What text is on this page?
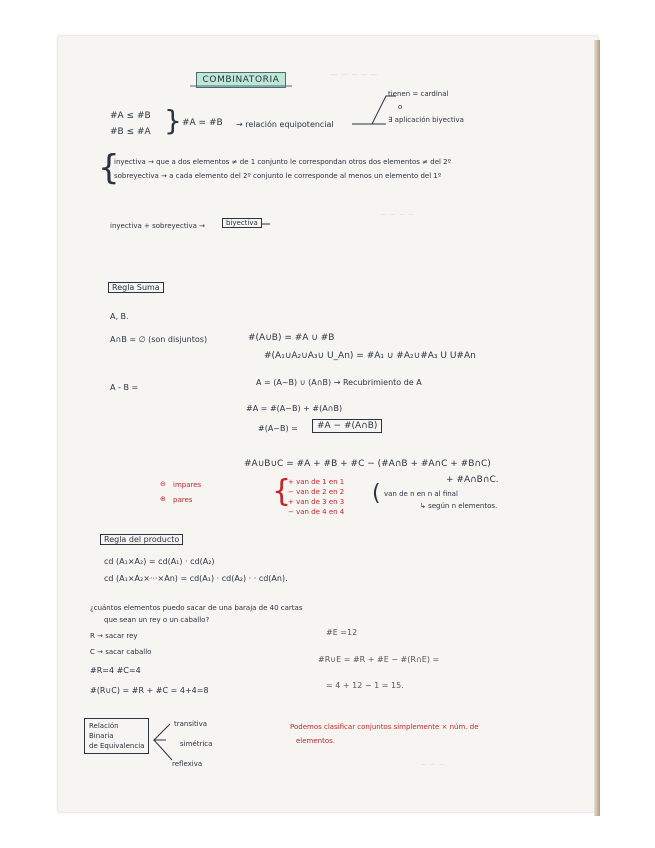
— — ~ ~ —
~ ~ ~ ~
~ ~ ~
COMBINATORIA
#A ≤ #B
#B ≤ #A } #A = #B → relación equipotencial
tienen = cardinal
o
∃ aplicación biyectiva
{
inyectiva → que a dos elementos ≠ de 1 conjunto le correspondan otros dos elementos ≠ del 2º
sobreyectiva → a cada elemento del 2º conjunto le corresponde al menos un elemento del 1º
inyectiva + sobreyectiva →	biyectiva
Regla Suma
A, B.
A∩B = ∅ (son disjuntos)	#(A∪B) = #A ∪ #B
#(A₁∪A₂∪A₃∪ U_An) = #A₁ ∪ #A₂∪#A₃ U U#An
A - B =
A = (A~B) ∪ (A∩B) → Recubrimiento de A
#A = #(A~B) + #(A∩B)
#(A~B) =	#A − #(A∩B)
#A∪B∪C = #A + #B + #C − (#A∩B + #A∩C + #B∩C)
+ #A∩B∩C.
⊖ impares
⊕ pares	{
+ van de 1 en 1
− van de 2 en 2
+ van de 3 en 3
− van de 4 en 4
( van de n en n al final
↳ según n elementos.
Regla del producto
cd (A₁×A₂) = cd(A₁) · cd(A₂)
cd (A₁×A₂×···×An) = cd(A₁) · cd(A₂) · · cd(An).
¿cuántos elementos puedo sacar de una baraja de 40 cartas
que sean un rey o un caballo?
R → sacar rey
C → sacar caballo
#R=4 #C=4
#(R∪C) = #R + #C = 4+4=8
#E =12
#R∪E = #R + #E − #(R∩E) =
= 4 + 12 − 1 = 15.
Relación
Binaria
de Equivalencia
transitiva
simétrica
reflexiva
Podemos clasificar conjuntos simplemente × núm. de
elementos.
